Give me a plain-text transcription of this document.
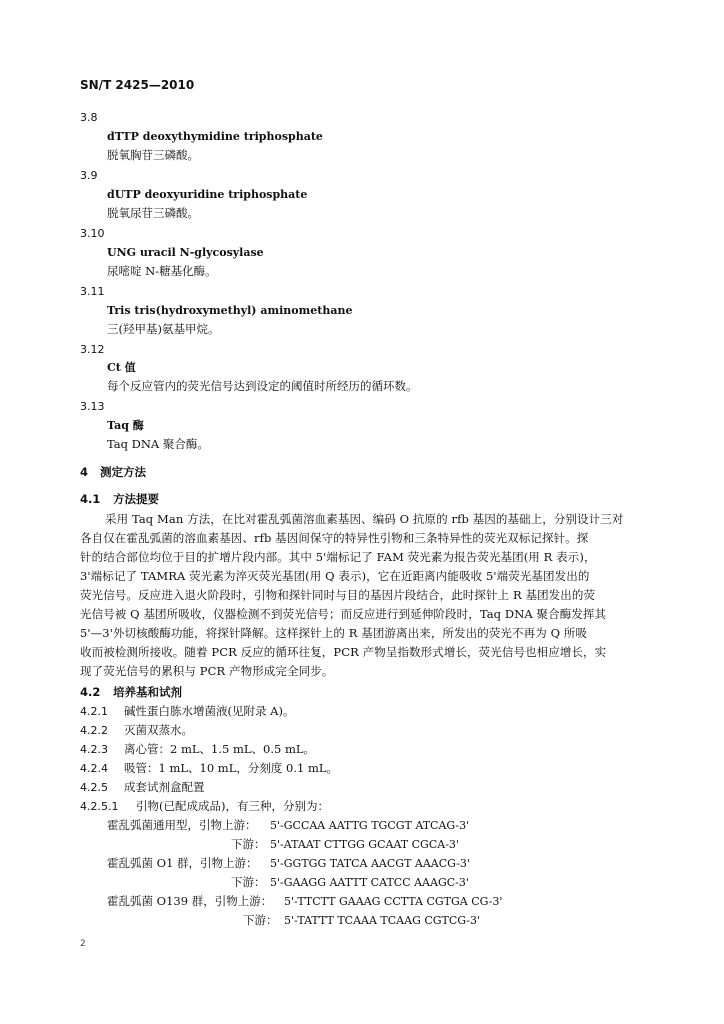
SN/T 2425—2010
3.8
dTTP deoxythymidine triphosphate
脱氧胸苷三磷酸。
3.9
dUTP deoxyuridine triphosphate
脱氧尿苷三磷酸。
3.10
UNG uracil N-glycosylase
尿嘧啶 N-糖基化酶。
3.11
Tris tris(hydroxymethyl) aminomethane
三(羟甲基)氨基甲烷。
3.12
Ct 值
每个反应管内的荧光信号达到设定的阈值时所经历的循环数。
3.13
Taq 酶
Taq DNA 聚合酶。
4 测定方法
4.1 方法提要
采用 Taq Man 方法，在比对霍乱弧菌溶血素基因、编码 O 抗原的 rfb 基因的基础上，分别设计三对
各自仅在霍乱弧菌的溶血素基因、rfb 基因间保守的特异性引物和三条特异性的荧光双标记探针。探
针的结合部位均位于目的扩增片段内部。其中 5'端标记了 FAM 荧光素为报告荧光基团(用 R 表示)，
3'端标记了 TAMRA 荧光素为淬灭荧光基团(用 Q 表示)，它在近距离内能吸收 5'端荧光基团发出的
荧光信号。反应进入退火阶段时，引物和探针同时与目的基因片段结合，此时探针上 R 基团发出的荧
光信号被 Q 基团所吸收，仪器检测不到荧光信号；而反应进行到延伸阶段时，Taq DNA 聚合酶发挥其
5'—3'外切核酸酶功能，将探针降解。这样探针上的 R 基团游离出来，所发出的荧光不再为 Q 所吸
收而被检测所接收。随着 PCR 反应的循环往复，PCR 产物呈指数形式增长，荧光信号也相应增长，实
现了荧光信号的累积与 PCR 产物形成完全同步。
4.2 培养基和试剂
4.2.1 碱性蛋白胨水增菌液(见附录 A)。
4.2.2 灭菌双蒸水。
4.2.3 离心管：2 mL、1.5 mL、0.5 mL。
4.2.4 吸管：1 mL、10 mL，分刻度 0.1 mL。
4.2.5 成套试剂盒配置
4.2.5.1 引物(已配成成品)，有三种，分别为：
霍乱弧菌通用型，引物上游： 5'-GCCAA AATTG TGCGT ATCAG-3'
下游： 5'-ATAAT CTTGG GCAAT CGCA-3'
霍乱弧菌 O1 群，引物上游： 5'-GGTGG TATCA AACGT AAACG-3'
下游： 5'-GAAGG AATTT CATCC AAAGC-3'
霍乱弧菌 O139 群，引物上游： 5'-TTCTT GAAAG CCTTA CGTGA CG-3'
下游： 5'-TATTT TCAAA TCAAG CGTCG-3'
2
